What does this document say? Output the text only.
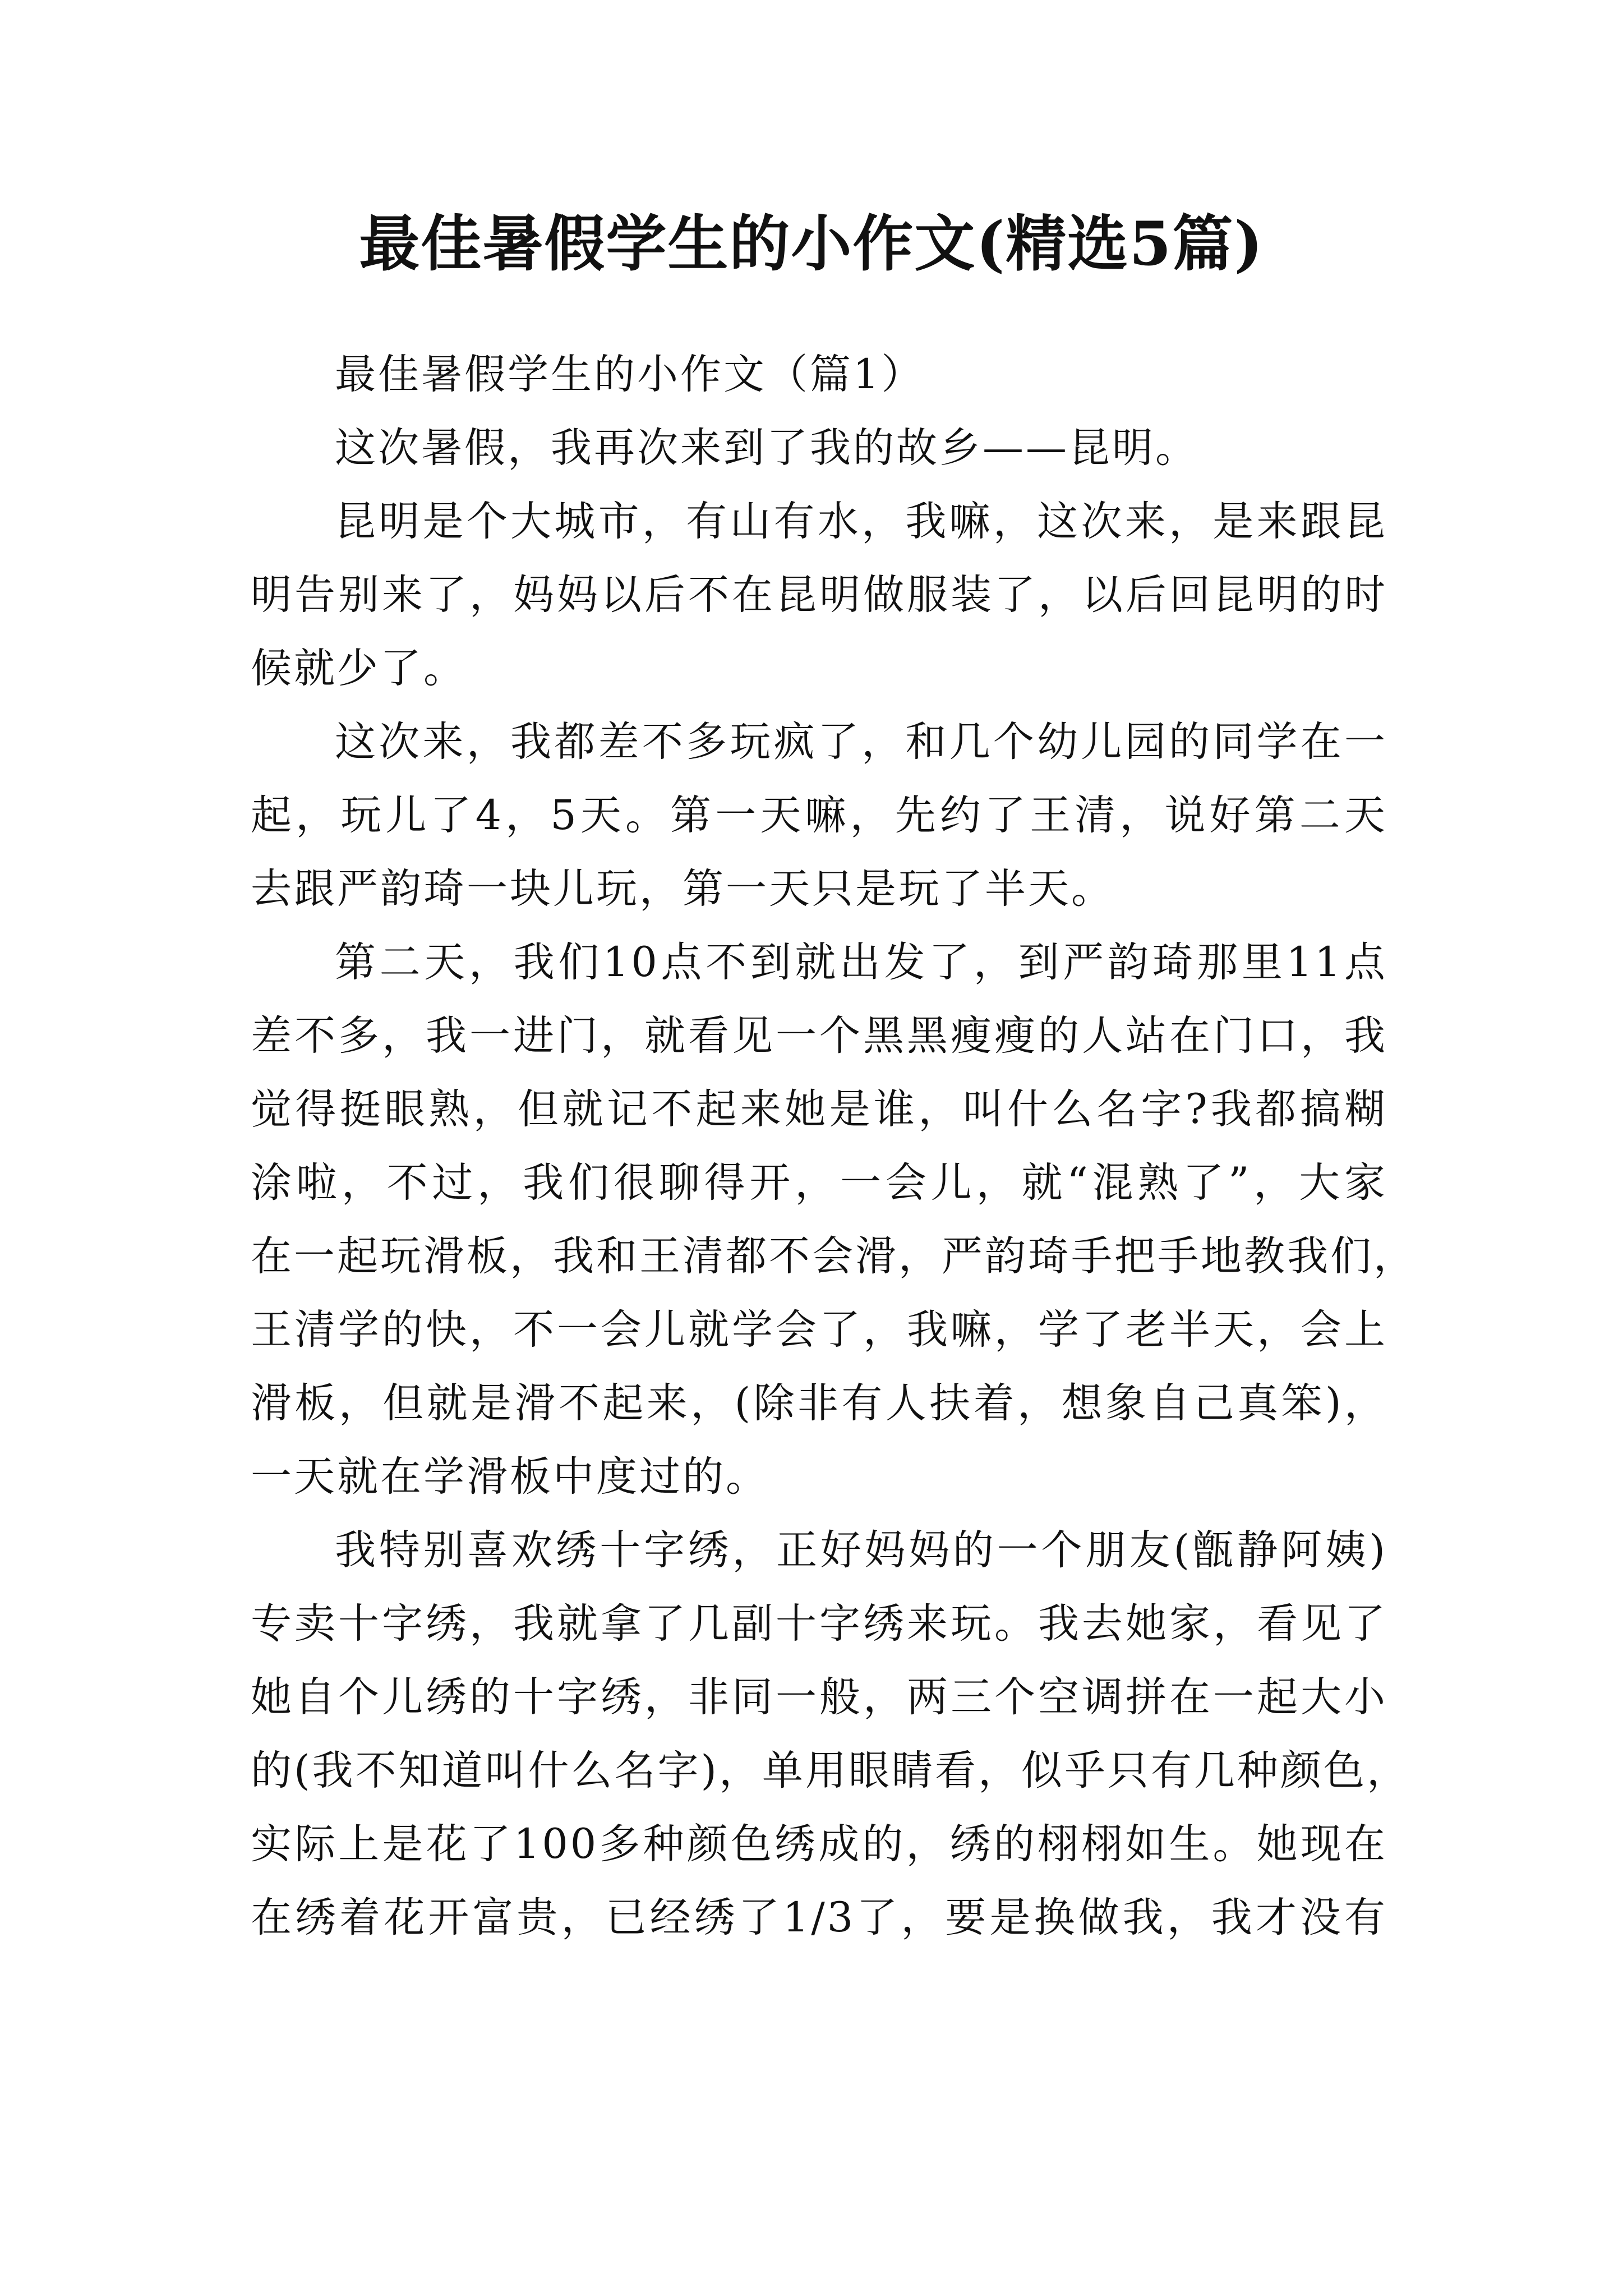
最佳暑假学生的小作文(精选5篇)
最佳暑假学生的小作文（篇1）
这次暑假，我再次来到了我的故乡——昆明。
昆明是个大城市，有山有水，我嘛，这次来，是来跟昆
明告别来了，妈妈以后不在昆明做服装了，以后回昆明的时
候就少了。
这次来，我都差不多玩疯了，和几个幼儿园的同学在一
起，玩儿了4，5天。第一天嘛，先约了王清，说好第二天
去跟严韵琦一块儿玩，第一天只是玩了半天。
第二天，我们10点不到就出发了，到严韵琦那里11点
差不多，我一进门，就看见一个黑黑瘦瘦的人站在门口，我
觉得挺眼熟，但就记不起来她是谁，叫什么名字?我都搞糊
涂啦，不过，我们很聊得开，一会儿，就“混熟了”，大家
在一起玩滑板，我和王清都不会滑，严韵琦手把手地教我们，
王清学的快，不一会儿就学会了，我嘛，学了老半天，会上
滑板，但就是滑不起来，(除非有人扶着，想象自己真笨)，
一天就在学滑板中度过的。
我特别喜欢绣十字绣，正好妈妈的一个朋友(甑静阿姨)
专卖十字绣，我就拿了几副十字绣来玩。我去她家，看见了
她自个儿绣的十字绣，非同一般，两三个空调拼在一起大小
的(我不知道叫什么名字)，单用眼睛看，似乎只有几种颜色，
实际上是花了100多种颜色绣成的，绣的栩栩如生。她现在
在绣着花开富贵，已经绣了1/3了，要是换做我，我才没有
